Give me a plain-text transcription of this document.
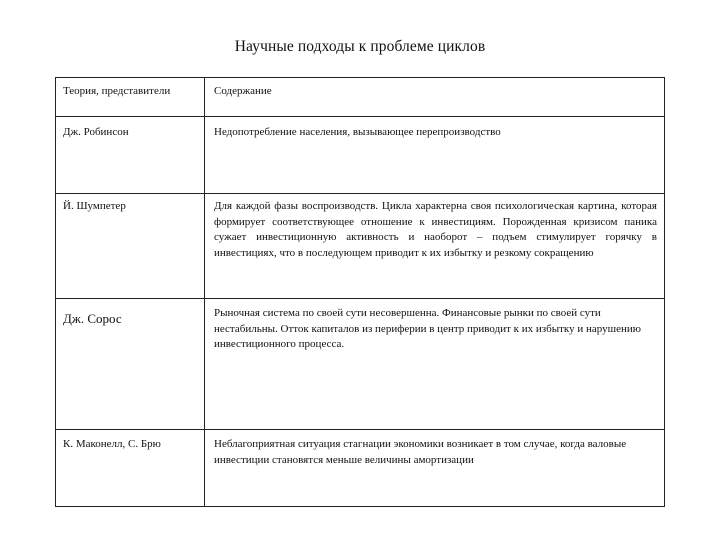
Научные подходы к проблеме циклов
Теория, представители	Содержание

Дж. Робинсон	Недопотребление населения, вызывающее перепроизводство

Й. Шумпетер	Для каждой фазы воспроизводств. Цикла характерна своя психологическая картина, которая формирует соответствующее отношение к инвестициям. Порожденная кризисом паника сужает инвестиционную активность и наоборот – подъем стимулирует горячку в инвестициях, что в последующем приводит к их избытку и резкому сокращению

Дж. Сорос	Рыночная система по своей сути несовершенна. Финансовые рынки по своей сути нестабильны. Отток капиталов из периферии в центр приводит к их избытку и нарушению инвестиционного процесса.

К. Маконелл, С. Брю	Неблагоприятная ситуация стагнации экономики возникает в том случае, когда валовые инвестиции становятся меньше величины амортизации
